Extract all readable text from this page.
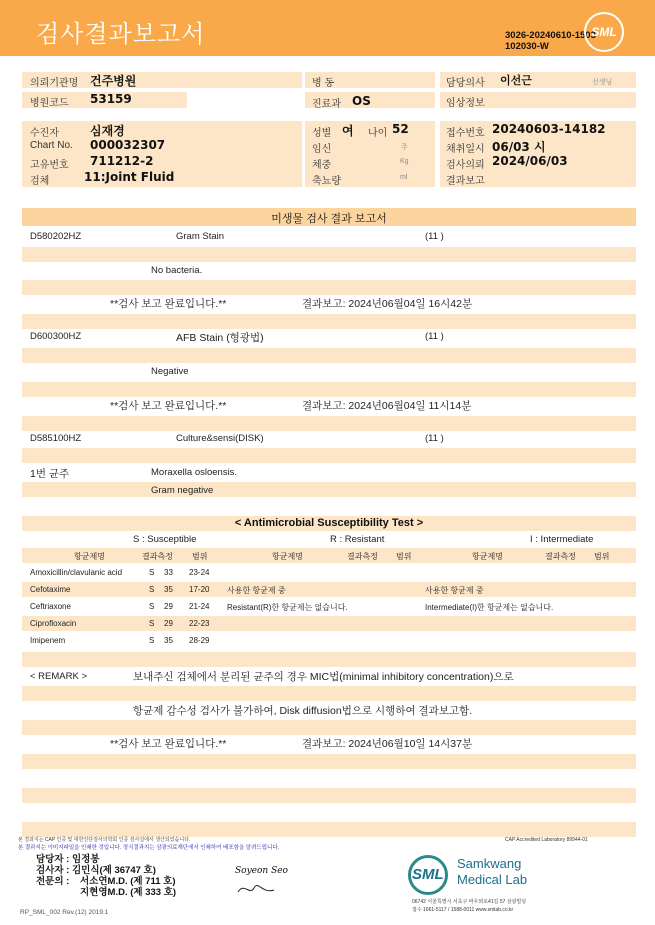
검사결과보고서	3026-20240610-1503
102030-W
SML
의뢰기관명 건주병원
병원코드 53159
병 동
진료과 OS
담당의사 이선근	선생님
임상정보
수진자	심재경
Chart No. 000032307
고유번호 711212-2
검체	11:Joint Fluid
성별 여 나이 52
임신	주
체중	Kg
축뇨량	ml
접수번호 20240603-14182
채취일시 06/03 시
검사의뢰 2024/06/03
결과보고
미생물 검사 결과 보고서
D580202HZ	Gram Stain	(11 )
No bacteria.
**검사 보고 완료입니다.**	결과보고: 2024년06월04일 16시42분
D600300HZ	AFB Stain (형광법)	(11 )
Negative
**검사 보고 완료입니다.**	결과보고: 2024년06월04일 11시14분
D585100HZ	Culture&sensi(DISK)	(11 )
1번 균주	Moraxella osloensis.
Gram negative
< Antimicrobial Susceptibility Test >
S : Susceptible	R : Resistant	I : Intermediate
항균제명	결과측정 범위	항균제명	결과측정 범위	항균제명	결과측정 범위
Amoxicillin/clavulanic acid	S 33 23-24
Cefotaxime	S 35 17-20
Ceftriaxone	S 29 21-24
Ciprofloxacin	S 29 22-23
Imipenem	S 35 28-29
사용한 항균제 중
Resistant(R)한 항균제는 없습니다.
사용한 항균제 중
Intermediate(I)한 항균제는 없습니다.
< REMARK >	보내주신 검체에서 분리된 균주의 경우 MIC법(minimal inhibitory concentration)으로
항균제 감수성 검사가 불가하여, Disk diffusion법으로 시행하여 결과보고함.
**검사 보고 완료입니다.**	결과보고: 2024년06월10일 14시37분
본 결과지는 CAP 인증 및 대한진단검사의학회 인증 검사실에서 생산되었습니다.
본 결과지는 이미지파일을 인쇄한 것입니다. 정식결과지는 삼광의료재단에서 인쇄하여 배포함을 알려드립니다.
CAP Accredited Laboratory 89944-01
담당자 : 임정봉
검사자 : 김민식(제 36747 호)
전문의 : 서소연M.D. (제 711 호)
지현영M.D. (제 333 호)
Soyeon Seo	SML
Samkwang
Medical Lab
06742 서울특별시 서초구 바우뫼로41길 57 삼광빌딩
접수 1661-5117 / 1588-0011 www.smlab.co.kr
RP_SML_002 Rev.(12) 2019.1
